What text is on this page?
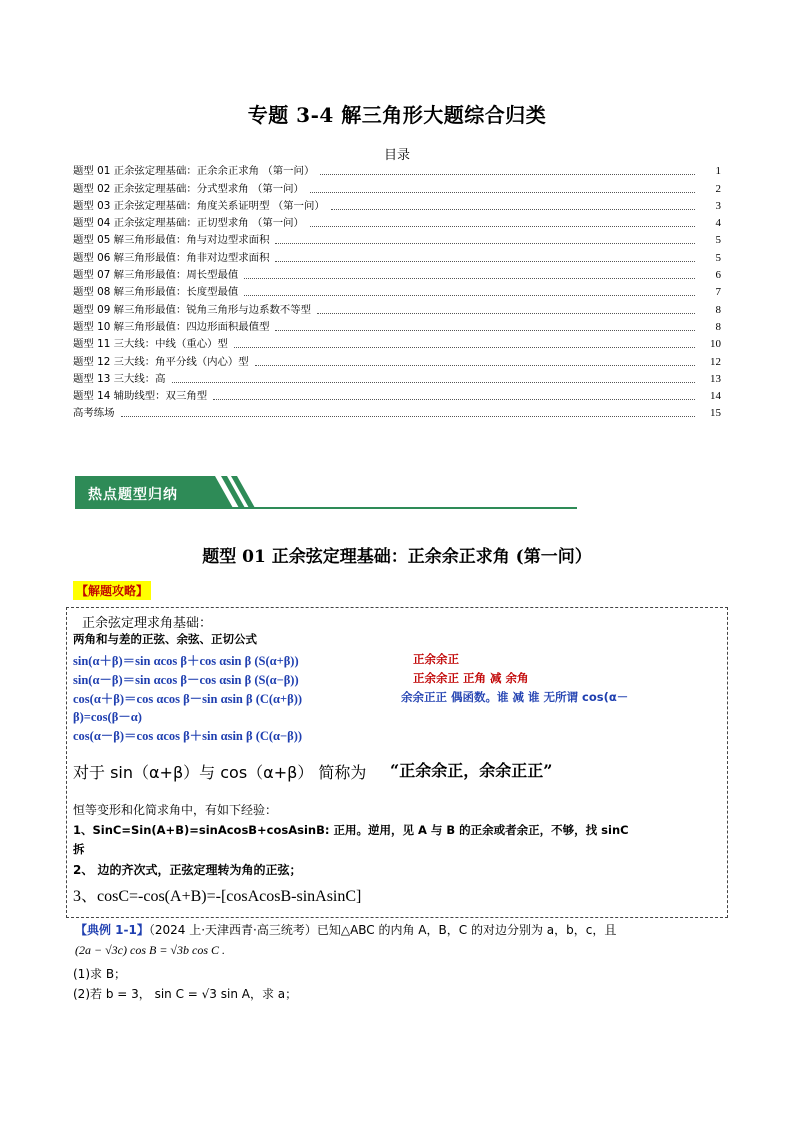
专题 3-4 解三角形大题综合归类
目录
题型 01 正余弦定理基础：正余余正求角 （第一问）	1
题型 02 正余弦定理基础：分式型求角 （第一问）	2
题型 03 正余弦定理基础：角度关系证明型 （第一问）	3
题型 04 正余弦定理基础：正切型求角 （第一问）	4
题型 05 解三角形最值：角与对边型求面积	5
题型 06 解三角形最值：角非对边型求面积	5
题型 07 解三角形最值：周长型最值	6
题型 08 解三角形最值：长度型最值	7
题型 09 解三角形最值：锐角三角形与边系数不等型	8
题型 10 解三角形最值：四边形面积最值型	8
题型 11 三大线：中线（重心）型	10
题型 12 三大线：角平分线（内心）型	12
题型 13 三大线：高	13
题型 14 辅助线型：双三角型	14
高考练场	15
热点题型归纳
题型 01 正余弦定理基础：正余余正求角 (第一问）
【解题攻略】
正余弦定理求角基础：
两角和与差的正弦、余弦、正切公式
sin(α＋β)＝sin αcos β＋cos αsin β (S(α+β))	正余余正
sin(α－β)＝sin αcos β－cos αsin β (S(α−β))	正余余正 正角 减 余角
cos(α＋β)＝cos αcos β－sin αsin β (C(α+β))	余余正正 偶函数。谁 减 谁 无所谓 cos(α－
β)=cos(β－α)
cos(α－β)＝cos αcos β＋sin αsin β (C(α−β))
对于 sin（α+β）与 cos（α+β） 简称为 “正余余正，余余正正”
恒等变形和化简求角中，有如下经验：
1、SinC=Sin(A+B)=sinAcosB+cosAsinB: 正用。逆用，见 A 与 B 的正余或者余正，不够，找 sinC
拆
2、 边的齐次式，正弦定理转为角的正弦；
3、cosC=-cos(A+B)=-[cosAcosB-sinAsinC]
【典例 1-1】（2024 上·天津西青·高三统考）已知△ABC 的内角 A，B，C 的对边分别为 a，b，c，且
(2a − √3c) cos B = √3b cos C .
(1)求 B；
(2)若 b = 3， sin C = √3 sin A，求 a；
